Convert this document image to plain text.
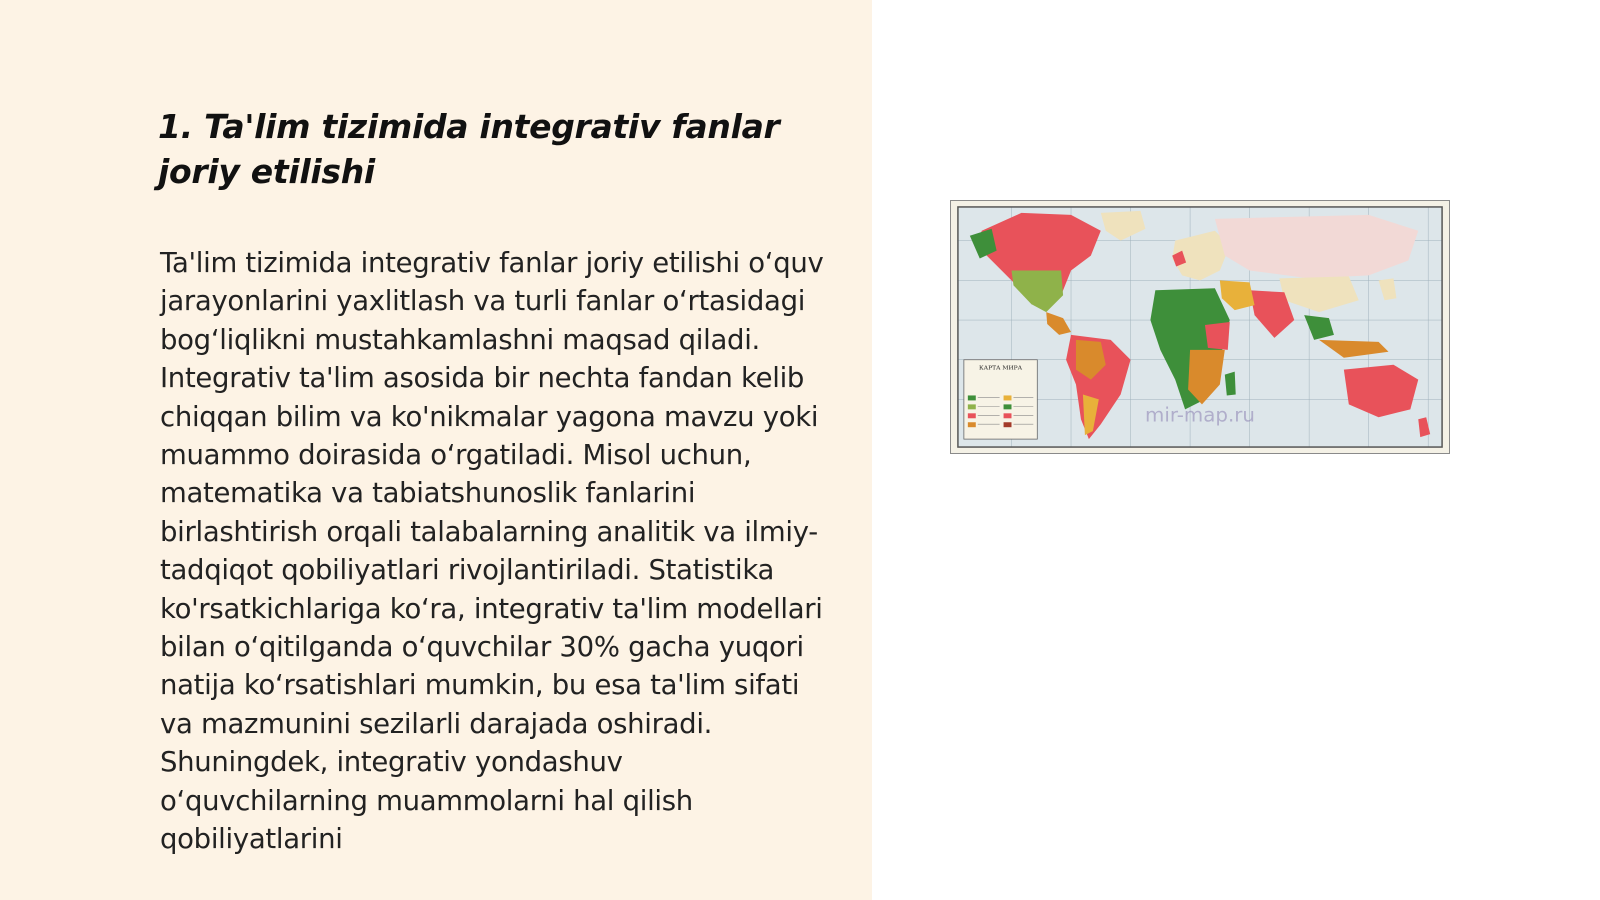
1. Ta'lim tizimida integrativ fanlar joriy etilishi

Ta'lim tizimida integrativ fanlar joriy etilishi o‘quv jarayonlarini yaxlitlash va turli fanlar o‘rtasidagi bog‘liqlikni mustahkamlashni maqsad qiladi. Integrativ ta'lim asosida bir nechta fandan kelib chiqqan bilim va ko'nikmalar yagona mavzu yoki muammo doirasida o‘rgatiladi. Misol uchun, matematika va tabiatshunoslik fanlarini birlashtirish orqali talabalarning analitik va ilmiy-tadqiqot qobiliyatlari rivojlantiriladi. Statistika ko'rsatkichlariga ko‘ra, integrativ ta'lim modellari bilan o‘qitilganda o‘quvchilar 30% gacha yuqori natija ko‘rsatishlari mumkin, bu esa ta'lim sifati va mazmunini sezilarli darajada oshiradi. Shuningdek, integrativ yondashuv o‘quvchilarning muammolarni hal qilish qobiliyatlarini

КАРТА МИРА
mir-map.ru
